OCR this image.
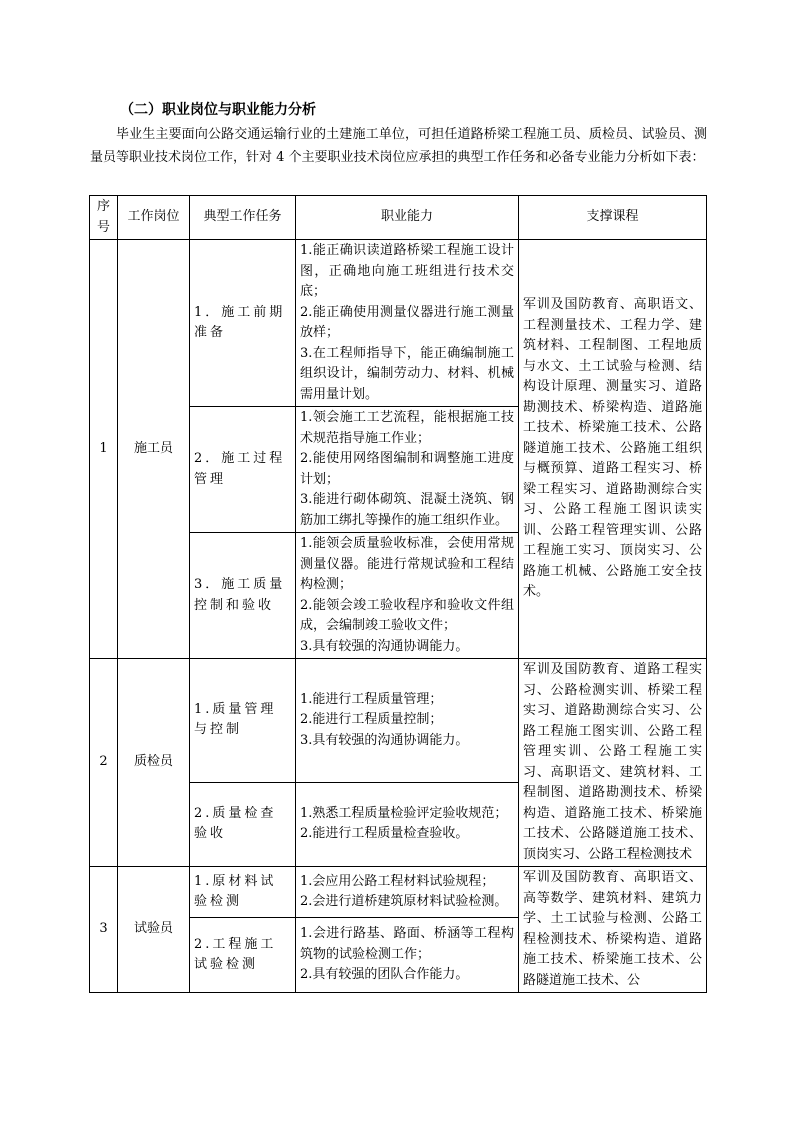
（二）职业岗位与职业能力分析

毕业生主要面向公路交通运输行业的土建施工单位，可担任道路桥梁工程施工员、质检员、试验员、测量员等职业技术岗位工作，针对 4 个主要职业技术岗位应承担的典型工作任务和必备专业能力分析如下表：

序号	工作岗位	典型工作任务	职业能力	支撑课程
1	施工员	1．施工前期准备	1.能正确识读道路桥梁工程施工设计图，正确地向施工班组进行技术交底；
2.能正确使用测量仪器进行施工测量放样；
3.在工程师指导下，能正确编制施工组织设计，编制劳动力、材料、机械需用量计划。	军训及国防教育、高职语文、工程测量技术、工程力学、建筑材料、工程制图、工程地质与水文、土工试验与检测、结构设计原理、测量实习、道路勘测技术、桥梁构造、道路施工技术、桥梁施工技术、公路隧道施工技术、公路施工组织与概预算、道路工程实习、桥梁工程实习、道路勘测综合实习、公路工程施工图识读实训、公路工程管理实训、公路工程施工实习、顶岗实习、公路施工机械、公路施工安全技术。

		2．施工过程管理	1.领会施工工艺流程，能根据施工技术规范指导施工作业；
2.能使用网络图编制和调整施工进度计划；
3.能进行砌体砌筑、混凝土浇筑、钢筋加工绑扎等操作的施工组织作业。	

		3．施工质量控制和验收	1.能领会质量验收标准，会使用常规测量仪器。能进行常规试验和工程结构检测；
2.能领会竣工验收程序和验收文件组成，会编制竣工验收文件；
3.具有较强的沟通协调能力。	

2	质检员	1.质量管理与控制	1.能进行工程质量管理；
2.能进行工程质量控制；
3.具有较强的沟通协调能力。	军训及国防教育、道路工程实习、公路检测实训、桥梁工程实习、道路勘测综合实习、公路工程施工图实训、公路工程管理实训、公路工程施工实习、高职语文、建筑材料、工程制图、道路勘测技术、桥梁构造、道路施工技术、桥梁施工技术、公路隧道施工技术、顶岗实习、公路工程检测技术

		2.质量检查验收	1.熟悉工程质量检验评定验收规范；
2.能进行工程质量检查验收。	

3	试验员	1.原材料试验检测	1.会应用公路工程材料试验规程；
2.会进行道桥建筑原材料试验检测。	军训及国防教育、高职语文、高等数学、建筑材料、建筑力学、土工试验与检测、公路工程检测技术、桥梁构造、道路施工技术、桥梁施工技术、公路隧道施工技术、公

		2.工程施工试验检测	1.会进行路基、路面、桥涵等工程构筑物的试验检测工作；
2.具有较强的团队合作能力。	
